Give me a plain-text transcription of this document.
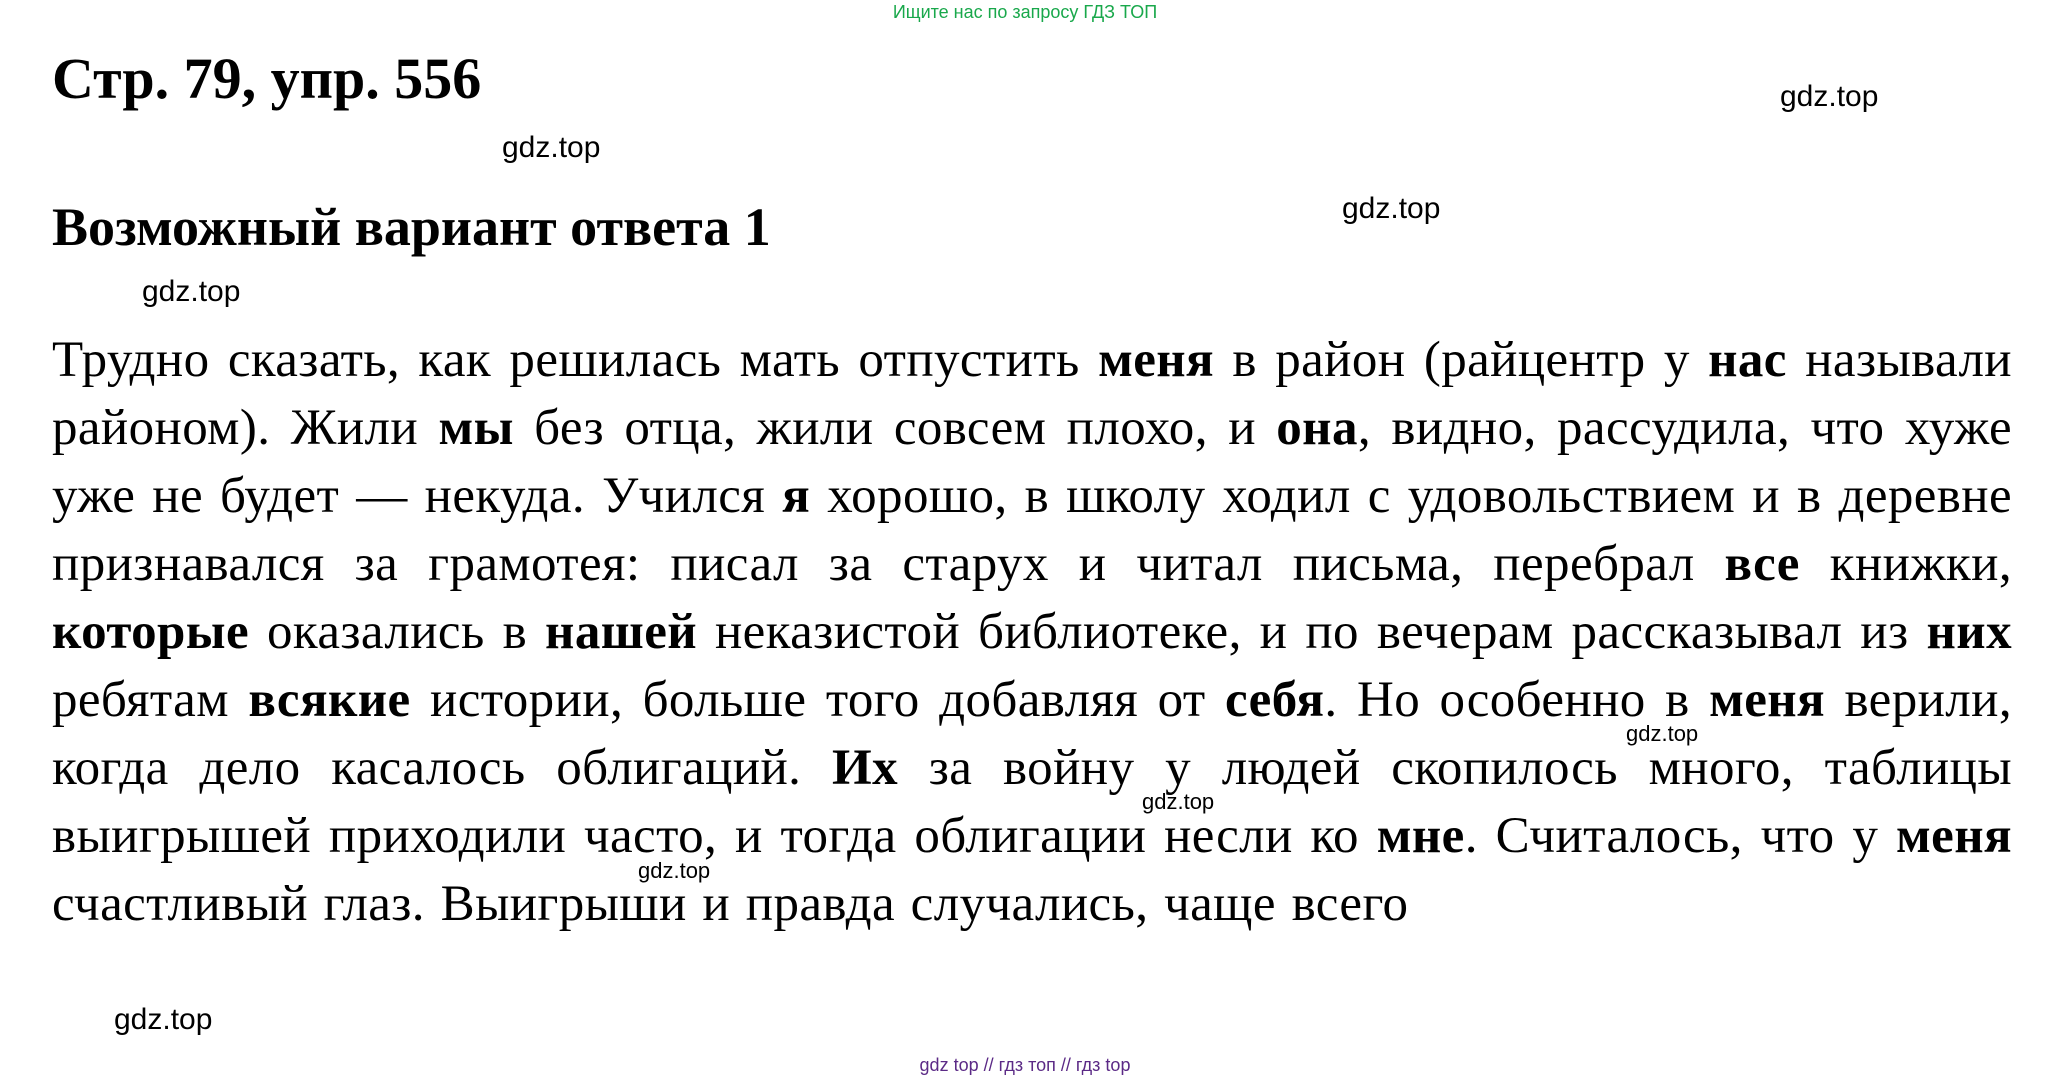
Ищите нас по запросу ГДЗ ТОП
Стр. 79, упр. 556	gdz.top
gdz.top
Возможный вариант ответа 1	gdz.top
gdz.top

Трудно сказать, как решилась мать отпустить меня в район (райцентр у нас называли районом). Жили мы без отца, жили совсем плохо, и она, видно, рассудила, что хуже уже не будет — некуда. Учился я хорошо, в школу ходил с удовольствием и в деревне признавался за грамотея: писал за старух и читал письма, перебрал все книжки, которые оказались в нашей неказистой библиотеке, и по вечерам рассказывал из них ребятам всякие истории, больше того добавляя от себя. Но особенно в меня верили, когда дело касалось облигаций. Их за войну у людей скопилось много, таблицы выигрышей приходили часто, и тогда облигации несли ко мне. Считалось, что у меня счастливый глаз. Выигрыши и правда случались, чаще всего

gdz.top
gdz.top
gdz.top
gdz.top
gdz top // гдз топ // гдз top
